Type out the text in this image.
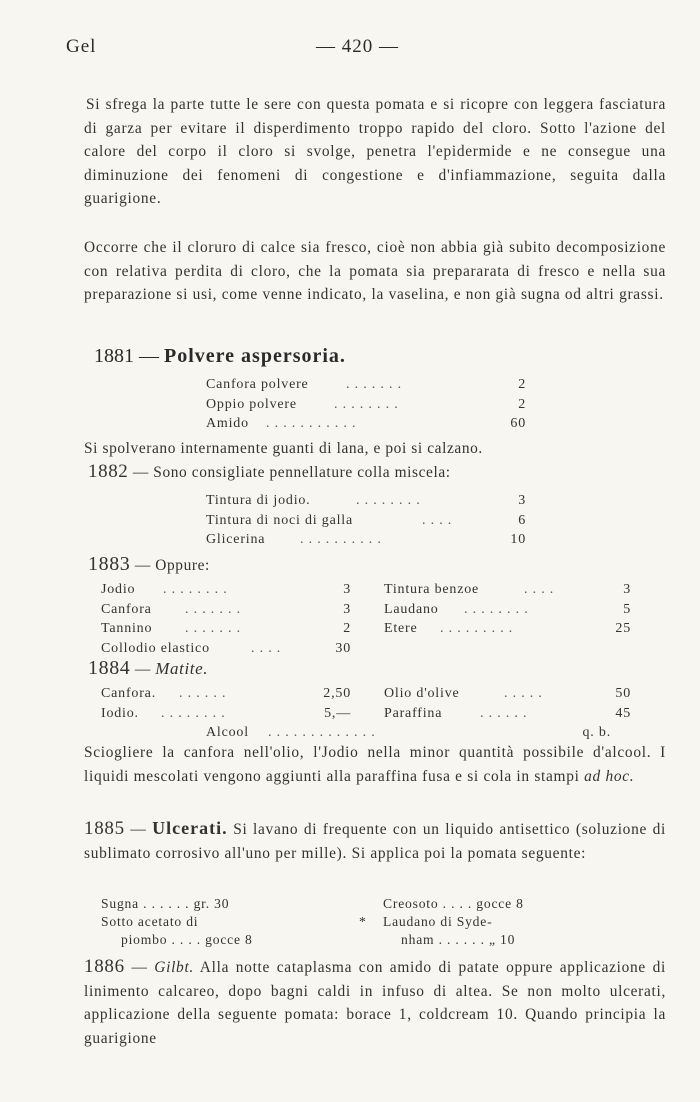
Gel	— 420 —
Si sfrega la parte tutte le sere con questa pomata e si ricopre con leggera fasciatura di garza per evitare il disperdimento troppo rapido del cloro. Sotto l'azione del calore del corpo il cloro si svolge, penetra l'epidermide e ne consegue una diminuzione dei fenomeni di congestione e d'infiammazione, seguita dalla guarigione.
Occorre che il cloruro di calce sia fresco, cioè non abbia già subito decomposizione con relativa perdita di cloro, che la pomata sia prepararata di fresco e nella sua preparazione si usi, come venne indicato, la vaselina, e non già sugna od altri grassi.
1881 — Polvere aspersoria.
Canfora polvere	. . . . . . .	2
Oppio polvere	. . . . . . . .	2
Amido . . . . . . . . . . .	60
Si spolverano internamente guanti di lana, e poi si calzano.
1882 — Sono consigliate pennellature colla miscela:
Tintura di jodio.	. . . . . . . .	3
Tintura di noci di galla	. . . .	6
Glicerina . . . . . . . . . .	10
1883 — Oppure:
Jodio . . . . . . . .	3
Canfora . . . . . . .	3
Tannino . . . . . . .	2
Collodio elastico	. . . .	30
Tintura benzoe	. . . .	3
Laudano . . . . . . . .	5
Etere . . . . . . . . .	25
1884 — Matite.
Canfora. . . . . . .	2,50
Iodio. . . . . . . . .	5,—
Olio d'olive	. . . . .	50
Paraffina	. . . . . .	45
Alcool . . . . . . . . . . . . .	q. b.
Sciogliere la canfora nell'olio, l'Jodio nella minor quantità possibile d'alcool. I liquidi mescolati vengono aggiunti alla paraffina fusa e si cola in stampi ad hoc.
1885 — Ulcerati. Si lavano di frequente con un liquido antisettico (soluzione di sublimato corrosivo all'uno per mille). Si applica poi la pomata seguente:
Sugna . . . . . . gr. 30
Sotto acetato di	*
piombo . . . . gocce 8
Creosoto . . . . gocce 8
Laudano di Syde-
nham . . . . . . „ 10
1886 — Gilbt. Alla notte cataplasma con amido di patate oppure applicazione di linimento calcareo, dopo bagni caldi in infuso di altea. Se non molto ulcerati, applicazione della seguente pomata: borace 1, coldcream 10. Quando principia la guarigione
